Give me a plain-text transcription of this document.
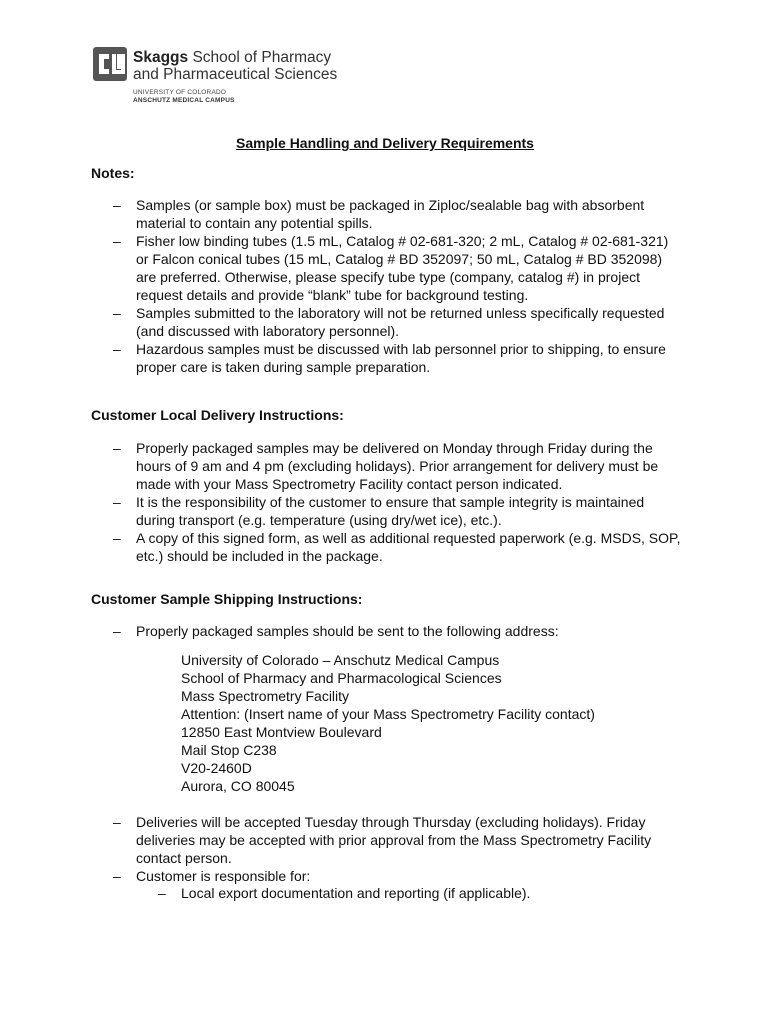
Skaggs School of Pharmacy
and Pharmaceutical Sciences
UNIVERSITY OF COLORADO
ANSCHUTZ MEDICAL CAMPUS
Sample Handling and Delivery Requirements
Notes:
– Samples (or sample box) must be packaged in Ziploc/sealable bag with absorbent material to contain any potential spills.
– Fisher low binding tubes (1.5 mL, Catalog # 02-681-320; 2 mL, Catalog # 02-681-321) or Falcon conical tubes (15 mL, Catalog # BD 352097; 50 mL, Catalog # BD 352098) are preferred. Otherwise, please specify tube type (company, catalog #) in project request details and provide “blank” tube for background testing.
– Samples submitted to the laboratory will not be returned unless specifically requested (and discussed with laboratory personnel).
– Hazardous samples must be discussed with lab personnel prior to shipping, to ensure proper care is taken during sample preparation.
Customer Local Delivery Instructions:
– Properly packaged samples may be delivered on Monday through Friday during the hours of 9 am and 4 pm (excluding holidays). Prior arrangement for delivery must be made with your Mass Spectrometry Facility contact person indicated.
– It is the responsibility of the customer to ensure that sample integrity is maintained during transport (e.g. temperature (using dry/wet ice), etc.).
– A copy of this signed form, as well as additional requested paperwork (e.g. MSDS, SOP, etc.) should be included in the package.
Customer Sample Shipping Instructions:
– Properly packaged samples should be sent to the following address:
University of Colorado – Anschutz Medical Campus
School of Pharmacy and Pharmacological Sciences
Mass Spectrometry Facility
Attention: (Insert name of your Mass Spectrometry Facility contact)
12850 East Montview Boulevard
Mail Stop C238
V20-2460D
Aurora, CO 80045
– Deliveries will be accepted Tuesday through Thursday (excluding holidays). Friday deliveries may be accepted with prior approval from the Mass Spectrometry Facility contact person.
– Customer is responsible for:
– Local export documentation and reporting (if applicable).
